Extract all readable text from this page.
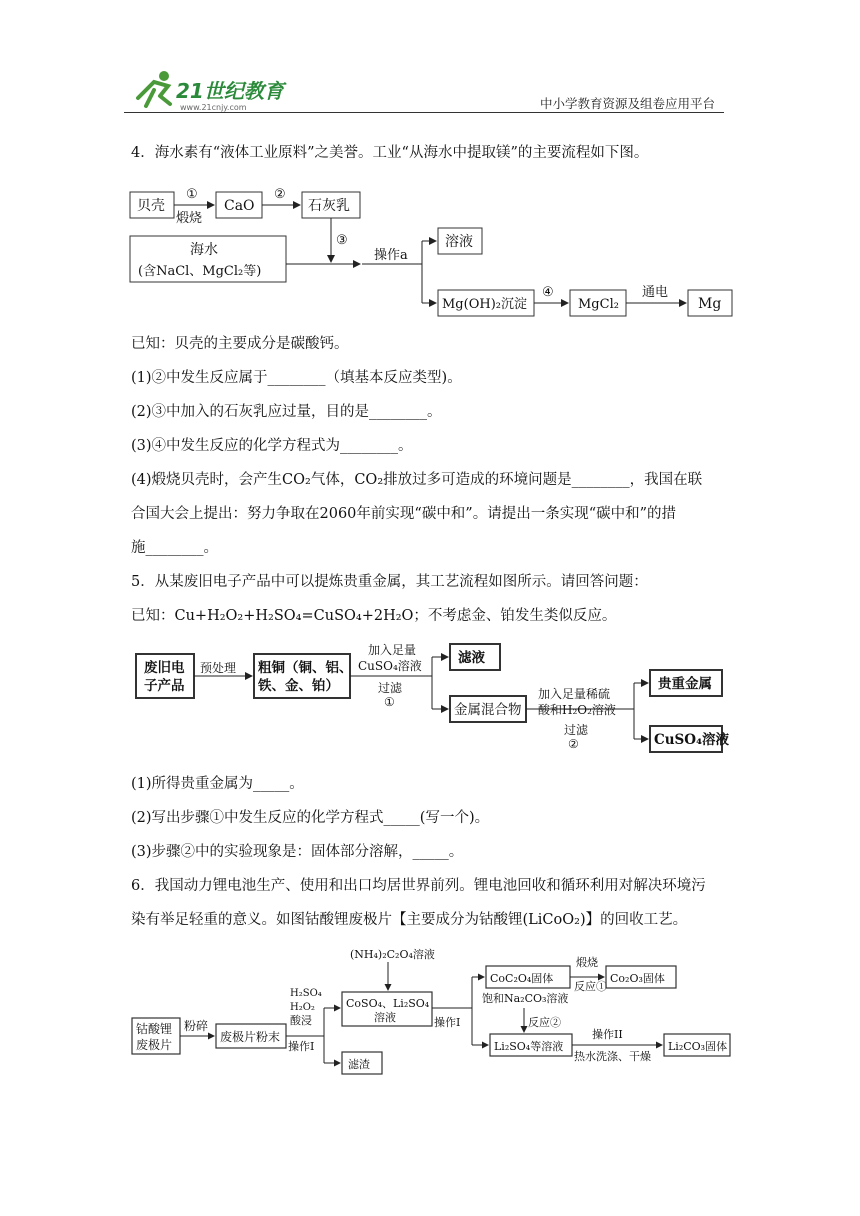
21世纪教育
www.21cnjy.com	中小学教育资源及组卷应用平台
4．海水素有“液体工业原料”之美誉。工业“从海水中提取镁”的主要流程如下图。
贝壳
①
煅烧
CaO
②
石灰乳
海水
(含NaCl、MgCl₂等)
③
操作a
溶液
Mg(OH)₂沉淀
④
MgCl₂
通电
Mg
已知：贝壳的主要成分是碳酸钙。
(1)②中发生反应属于________（填基本反应类型)。
(2)③中加入的石灰乳应过量，目的是________。
(3)④中发生反应的化学方程式为________。
(4)煅烧贝壳时，会产生CO₂气体，CO₂排放过多可造成的环境问题是________，我国在联
合国大会上提出：努力争取在2060年前实现“碳中和”。请提出一条实现“碳中和”的措
施________。
5．从某废旧电子产品中可以提炼贵重金属，其工艺流程如图所示。请回答问题：
已知：Cu+H₂O₂+H₂SO₄=CuSO₄+2H₂O；不考虑金、铂发生类似反应。
废旧电
子产品
粗铜（铜、铝、
铁、金、铂）
滤液
金属混合物
贵重金属
CuSO₄溶液
预处理
加入足量
CuSO₄溶液
过滤
①
加入足量稀硫
酸和H₂O₂溶液
过滤
②
(1)所得贵重金属为_____。
(2)写出步骤①中发生反应的化学方程式_____(写一个)。
(3)步骤②中的实验现象是：固体部分溶解，_____。
6．我国动力锂电池生产、使用和出口均居世界前列。锂电池回收和循环利用对解决环境污
染有举足轻重的意义。如图钴酸锂废极片【主要成分为钴酸锂(LiCoO₂)】的回收工艺。
钴酸锂
废极片
粉碎
废极片粉末
H₂SO₄
H₂O₂
酸浸
操作I
(NH₄)₂C₂O₄溶液
CoSO₄、Li₂SO₄
溶液	操作I
滤渣
CoC₂O₄固体
煅烧
反应①
Co₂O₃固体
饱和Na₂CO₃溶液
反应②
Li₂SO₄等溶液
操作II
热水洗涤、干燥
Li₂CO₃固体
